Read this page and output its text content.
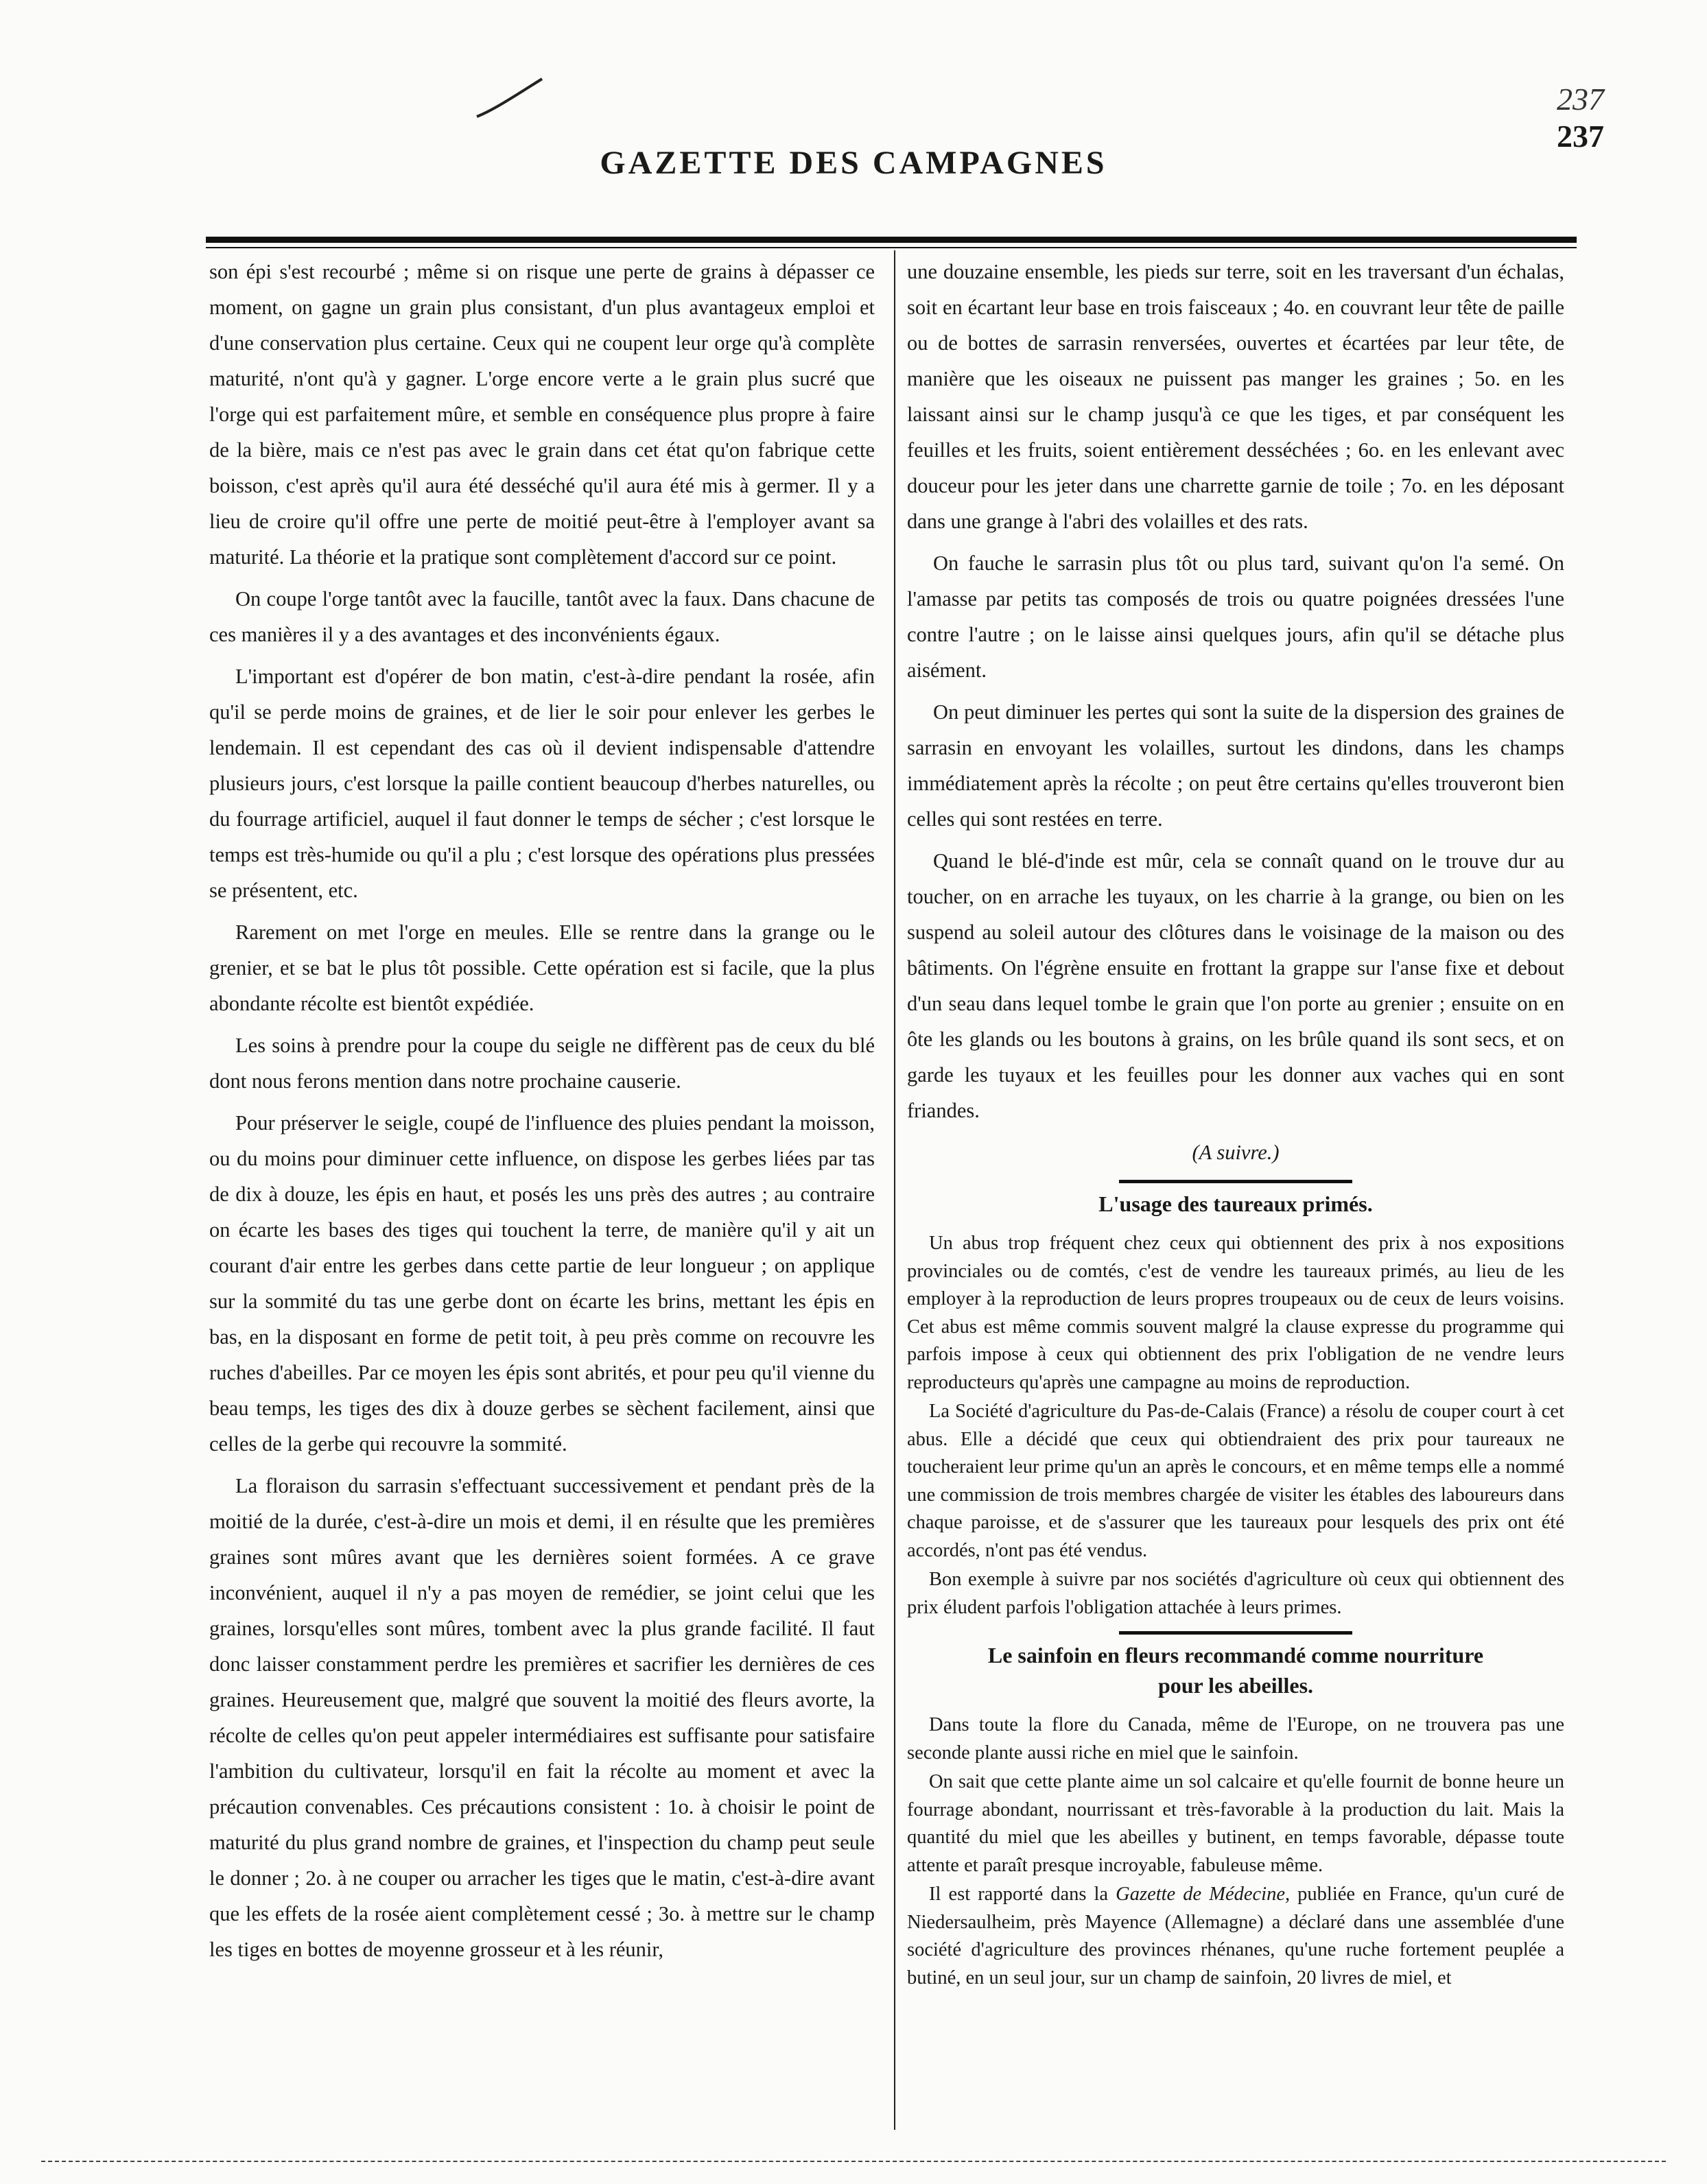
237
237
GAZETTE DES CAMPAGNES

son épi s'est recourbé ; même si on risque une perte de grains à dépasser ce moment, on gagne un grain plus consistant, d'un plus avantageux emploi et d'une conservation plus certaine. Ceux qui ne coupent leur orge qu'à complète maturité, n'ont qu'à y gagner. L'orge encore verte a le grain plus sucré que l'orge qui est parfaitement mûre, et semble en conséquence plus propre à faire de la bière, mais ce n'est pas avec le grain dans cet état qu'on fabrique cette boisson, c'est après qu'il aura été desséché qu'il aura été mis à germer. Il y a lieu de croire qu'il offre une perte de moitié peut-être à l'employer avant sa maturité. La théorie et la pratique sont complètement d'accord sur ce point.

On coupe l'orge tantôt avec la faucille, tantôt avec la faux. Dans chacune de ces manières il y a des avantages et des inconvénients égaux.

L'important est d'opérer de bon matin, c'est-à-dire pendant la rosée, afin qu'il se perde moins de graines, et de lier le soir pour enlever les gerbes le lendemain. Il est cependant des cas où il devient indispensable d'attendre plusieurs jours, c'est lorsque la paille contient beaucoup d'herbes naturelles, ou du fourrage artificiel, auquel il faut donner le temps de sécher ; c'est lorsque le temps est très-humide ou qu'il a plu ; c'est lorsque des opérations plus pressées se présentent, etc.

Rarement on met l'orge en meules. Elle se rentre dans la grange ou le grenier, et se bat le plus tôt possible. Cette opération est si facile, que la plus abondante récolte est bientôt expédiée.

Les soins à prendre pour la coupe du seigle ne diffèrent pas de ceux du blé dont nous ferons mention dans notre prochaine causerie.

Pour préserver le seigle, coupé de l'influence des pluies pendant la moisson, ou du moins pour diminuer cette influence, on dispose les gerbes liées par tas de dix à douze, les épis en haut, et posés les uns près des autres ; au contraire on écarte les bases des tiges qui touchent la terre, de manière qu'il y ait un courant d'air entre les gerbes dans cette partie de leur longueur ; on applique sur la sommité du tas une gerbe dont on écarte les brins, mettant les épis en bas, en la disposant en forme de petit toit, à peu près comme on recouvre les ruches d'abeilles. Par ce moyen les épis sont abrités, et pour peu qu'il vienne du beau temps, les tiges des dix à douze gerbes se sèchent facilement, ainsi que celles de la gerbe qui recouvre la sommité.

La floraison du sarrasin s'effectuant successivement et pendant près de la moitié de la durée, c'est-à-dire un mois et demi, il en résulte que les premières graines sont mûres avant que les dernières soient formées. A ce grave inconvénient, auquel il n'y a pas moyen de remédier, se joint celui que les graines, lorsqu'elles sont mûres, tombent avec la plus grande facilité. Il faut donc laisser constamment perdre les premières et sacrifier les dernières de ces graines. Heureusement que, malgré que souvent la moitié des fleurs avorte, la récolte de celles qu'on peut appeler intermédiaires est suffisante pour satisfaire l'ambition du cultivateur, lorsqu'il en fait la récolte au moment et avec la précaution convenables. Ces précautions consistent : 1o. à choisir le point de maturité du plus grand nombre de graines, et l'inspection du champ peut seule le donner ; 2o. à ne couper ou arracher les tiges que le matin, c'est-à-dire avant que les effets de la rosée aient complètement cessé ; 3o. à mettre sur le champ les tiges en bottes de moyenne grosseur et à les réunir,

une douzaine ensemble, les pieds sur terre, soit en les traversant d'un échalas, soit en écartant leur base en trois faisceaux ; 4o. en couvrant leur tête de paille ou de bottes de sarrasin renversées, ouvertes et écartées par leur tête, de manière que les oiseaux ne puissent pas manger les graines ; 5o. en les laissant ainsi sur le champ jusqu'à ce que les tiges, et par conséquent les feuilles et les fruits, soient entièrement desséchées ; 6o. en les enlevant avec douceur pour les jeter dans une charrette garnie de toile ; 7o. en les déposant dans une grange à l'abri des volailles et des rats.

On fauche le sarrasin plus tôt ou plus tard, suivant qu'on l'a semé. On l'amasse par petits tas composés de trois ou quatre poignées dressées l'une contre l'autre ; on le laisse ainsi quelques jours, afin qu'il se détache plus aisément.

On peut diminuer les pertes qui sont la suite de la dispersion des graines de sarrasin en envoyant les volailles, surtout les dindons, dans les champs immédiatement après la récolte ; on peut être certains qu'elles trouveront bien celles qui sont restées en terre.

Quand le blé-d'inde est mûr, cela se connaît quand on le trouve dur au toucher, on en arrache les tuyaux, on les charrie à la grange, ou bien on les suspend au soleil autour des clôtures dans le voisinage de la maison ou des bâtiments. On l'égrène ensuite en frottant la grappe sur l'anse fixe et debout d'un seau dans lequel tombe le grain que l'on porte au grenier ; ensuite on en ôte les glands ou les boutons à grains, on les brûle quand ils sont secs, et on garde les tuyaux et les feuilles pour les donner aux vaches qui en sont friandes.

(A suivre.)
L'usage des taureaux primés.

Un abus trop fréquent chez ceux qui obtiennent des prix à nos expositions provinciales ou de comtés, c'est de vendre les taureaux primés, au lieu de les employer à la reproduction de leurs propres troupeaux ou de ceux de leurs voisins. Cet abus est même commis souvent malgré la clause expresse du programme qui parfois impose à ceux qui obtiennent des prix l'obligation de ne vendre leurs reproducteurs qu'après une campagne au moins de reproduction.

La Société d'agriculture du Pas-de-Calais (France) a résolu de couper court à cet abus. Elle a décidé que ceux qui obtiendraient des prix pour taureaux ne toucheraient leur prime qu'un an après le concours, et en même temps elle a nommé une commission de trois membres chargée de visiter les étables des laboureurs dans chaque paroisse, et de s'assurer que les taureaux pour lesquels des prix ont été accordés, n'ont pas été vendus.

Bon exemple à suivre par nos sociétés d'agriculture où ceux qui obtiennent des prix éludent parfois l'obligation attachée à leurs primes.

Le sainfoin en fleurs recommandé comme nourriture
pour les abeilles.

Dans toute la flore du Canada, même de l'Europe, on ne trouvera pas une seconde plante aussi riche en miel que le sainfoin.

On sait que cette plante aime un sol calcaire et qu'elle fournit de bonne heure un fourrage abondant, nourrissant et très-favorable à la production du lait. Mais la quantité du miel que les abeilles y butinent, en temps favorable, dépasse toute attente et paraît presque incroyable, fabuleuse même.

Il est rapporté dans la Gazette de Médecine, publiée en France, qu'un curé de Niedersaulheim, près Mayence (Allemagne) a déclaré dans une assemblée d'une société d'agriculture des provinces rhénanes, qu'une ruche fortement peuplée a butiné, en un seul jour, sur un champ de sainfoin, 20 livres de miel, et
